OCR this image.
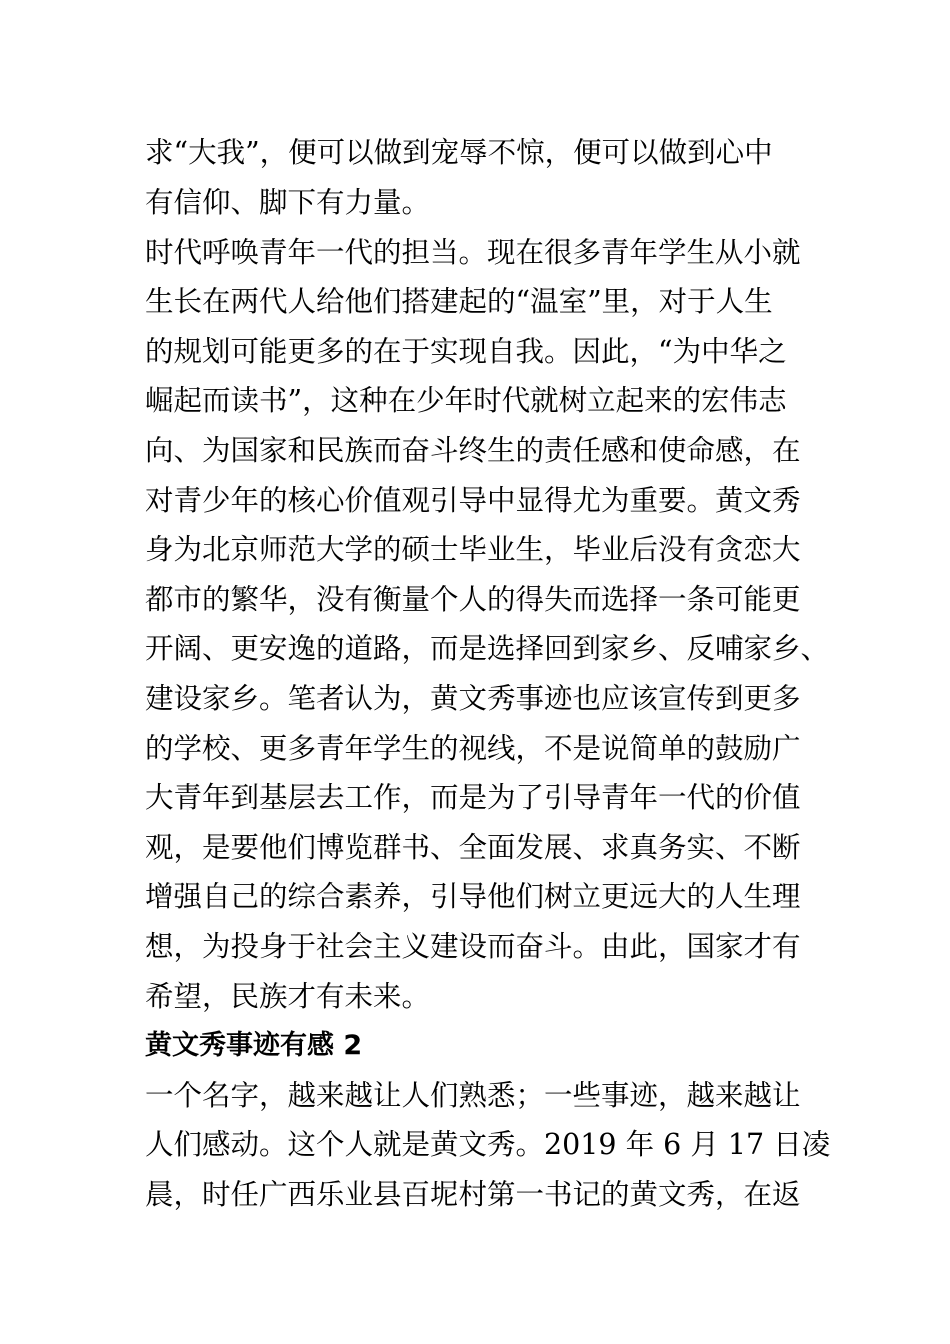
求“大我”，便可以做到宠辱不惊，便可以做到心中
有信仰、脚下有力量。
时代呼唤青年一代的担当。现在很多青年学生从小就
生长在两代人给他们搭建起的“温室”里，对于人生
的规划可能更多的在于实现自我。因此，“为中华之
崛起而读书”，这种在少年时代就树立起来的宏伟志
向、为国家和民族而奋斗终生的责任感和使命感，在
对青少年的核心价值观引导中显得尤为重要。黄文秀
身为北京师范大学的硕士毕业生，毕业后没有贪恋大
都市的繁华，没有衡量个人的得失而选择一条可能更
开阔、更安逸的道路，而是选择回到家乡、反哺家乡、
建设家乡。笔者认为，黄文秀事迹也应该宣传到更多
的学校、更多青年学生的视线，不是说简单的鼓励广
大青年到基层去工作，而是为了引导青年一代的价值
观，是要他们博览群书、全面发展、求真务实、不断
增强自己的综合素养，引导他们树立更远大的人生理
想，为投身于社会主义建设而奋斗。由此，国家才有
希望，民族才有未来。
黄文秀事迹有感 2
一个名字，越来越让人们熟悉；一些事迹，越来越让
人们感动。这个人就是黄文秀。2019 年 6 月 17 日凌
晨，时任广西乐业县百坭村第一书记的黄文秀，在返
